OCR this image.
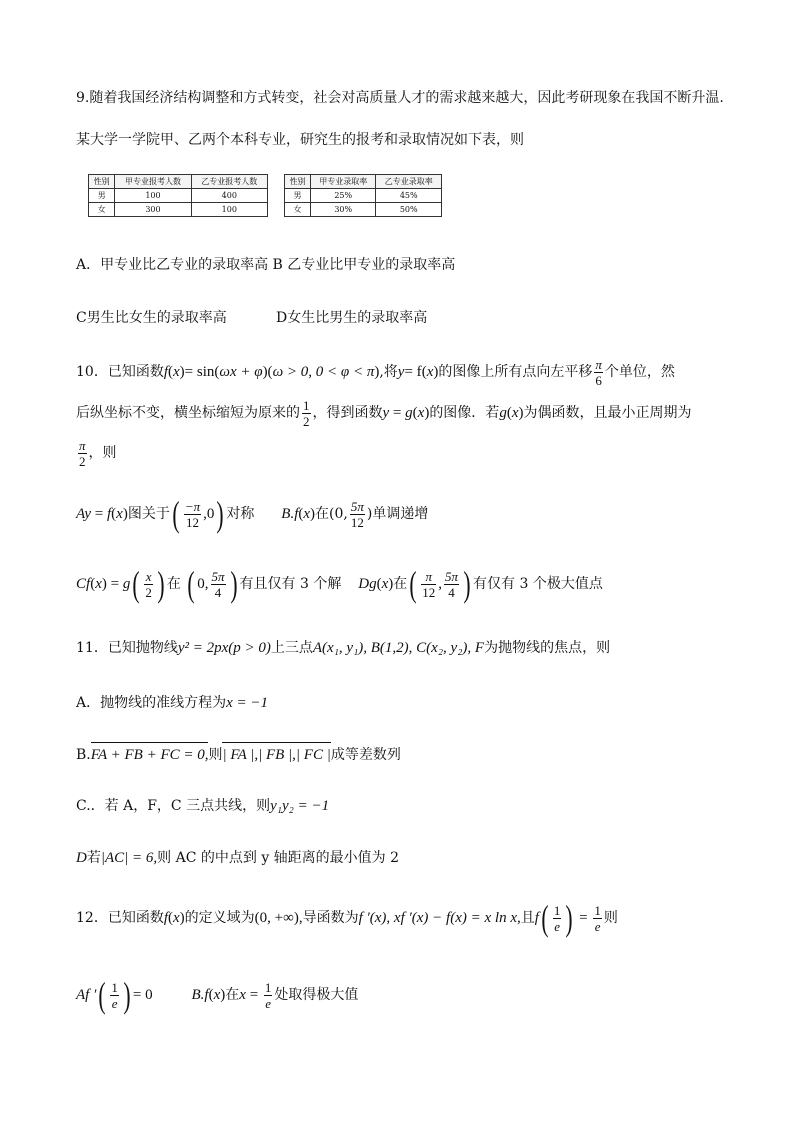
9.随着我国经济结构调整和方式转变，社会对高质量人才的需求越来越大，因此考研现象在我国不断升温.
某大学一学院甲、乙两个本科专业，研究生的报考和录取情况如下表，则
性别	甲专业报考人数	乙专业报考人数
男	100	400
女	300	100
性别	甲专业录取率	乙专业录取率
男	25%	45%
女	30%	50%
A．甲专业比乙专业的录取率高 B 乙专业比甲专业的录取率高
C男生比女生的录取率高	D女生比男生的录取率高
10．已知函数f(x)= sin(ωx + φ)(ω > 0, 0 < φ < π),将y= f(x)的图像上所有点向左平移 $\frac{\pi}{6}$ 个单位，然
后纵坐标不变，横坐标缩短为原来的 $\frac{1}{2}$ ，得到函数y = g(x)的图像．若g(x)为偶函数，且最小正周期为
$\frac{\pi}{2}$ ，则
Ay = f(x)图关于( $\frac{-\pi}{12} ,0$) 对称 B.f(x)在(0, $\frac{5\pi}{12}$ )单调递增
$Cf(x) = g( \frac{x}{2}$ ) 在 ( 0, $\frac{5\pi}{4}$ ) 有且仅有 3 个解 Dg(x)在( $\frac{\pi}{12}$ , $\frac{5\pi}{4}$ ) 有仅有 3 个极大值点
11．已知抛物线y² = 2px(p > 0)上三点A(x₁, y₁), B(1,2), C(x₂, y₂), F为抛物线的焦点，则
A．抛物线的准线方程为x = −1
B.FA + FB + FC = 0,则| FA |,| FB |,| FC |成等差数列
C.．若 A，F，C 三点共线，则y₁y₂ = −1
D若|AC| = 6,则 AC 的中点到 y 轴距离的最小值为 2
12．已知函数f(x)的定义域为(0, +∞),导函数为f ′(x), xf ′(x) − f(x) = x ln x,且$f( \frac{1}{e}$ ) = $\frac{1}{e}$ 则
Af ′( $\frac{1}{e}$ ) = 0	B.f(x)在$x = \frac{1}{e}$ 处取得极大值
